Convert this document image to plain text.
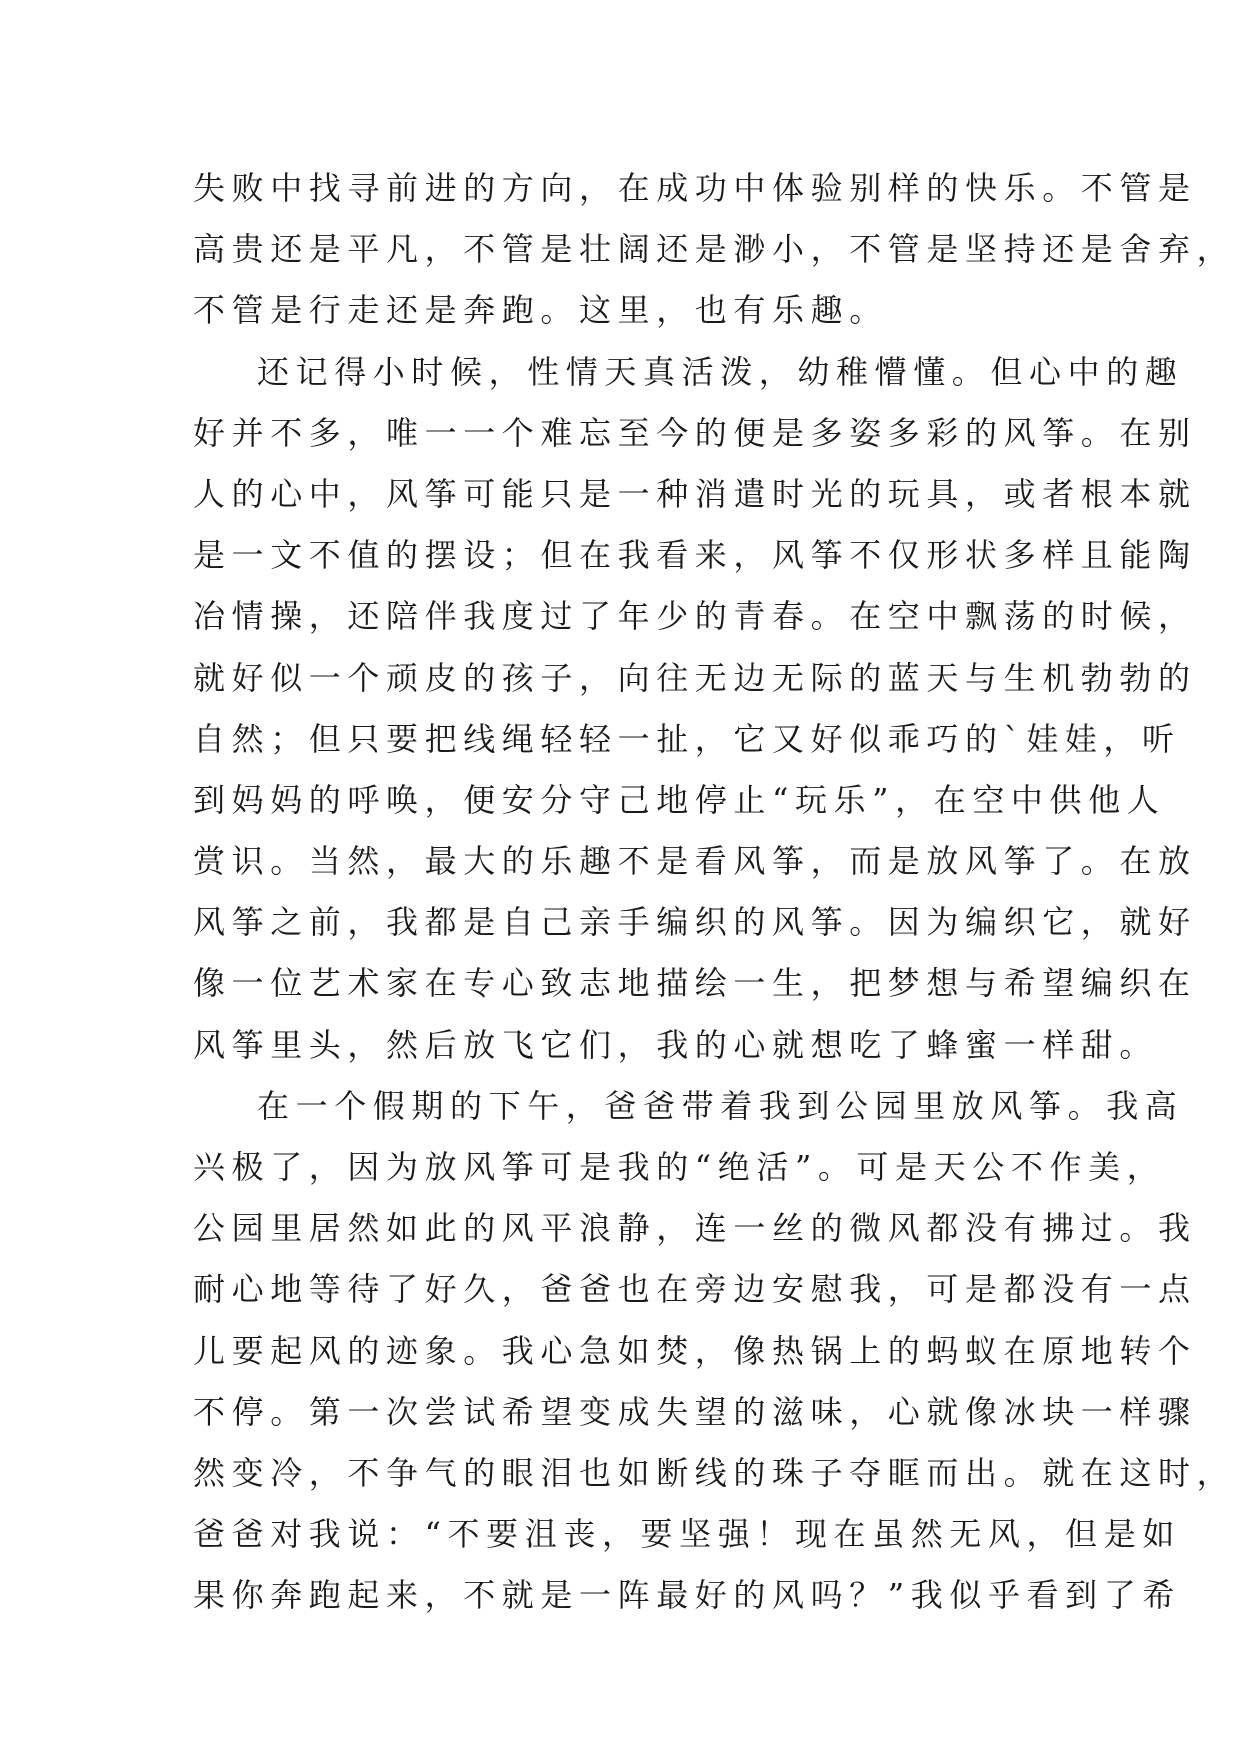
失败中找寻前进的方向，在成功中体验别样的快乐。不管是
高贵还是平凡，不管是壮阔还是渺小，不管是坚持还是舍弃，
不管是行走还是奔跑。这里，也有乐趣。
还记得小时候，性情天真活泼，幼稚懵懂。但心中的趣
好并不多，唯一一个难忘至今的便是多姿多彩的风筝。在别
人的心中，风筝可能只是一种消遣时光的玩具，或者根本就
是一文不值的摆设；但在我看来，风筝不仅形状多样且能陶
冶情操，还陪伴我度过了年少的青春。在空中飘荡的时候，
就好似一个顽皮的孩子，向往无边无际的蓝天与生机勃勃的
自然；但只要把线绳轻轻一扯，它又好似乖巧的`娃娃，听
到妈妈的呼唤，便安分守己地停止“玩乐”，在空中供他人
赏识。当然，最大的乐趣不是看风筝，而是放风筝了。在放
风筝之前，我都是自己亲手编织的风筝。因为编织它，就好
像一位艺术家在专心致志地描绘一生，把梦想与希望编织在
风筝里头，然后放飞它们，我的心就想吃了蜂蜜一样甜。
在一个假期的下午，爸爸带着我到公园里放风筝。我高
兴极了，因为放风筝可是我的“绝活”。可是天公不作美，
公园里居然如此的风平浪静，连一丝的微风都没有拂过。我
耐心地等待了好久，爸爸也在旁边安慰我，可是都没有一点
儿要起风的迹象。我心急如焚，像热锅上的蚂蚁在原地转个
不停。第一次尝试希望变成失望的滋味，心就像冰块一样骤
然变冷，不争气的眼泪也如断线的珠子夺眶而出。就在这时，
爸爸对我说：“不要沮丧，要坚强！现在虽然无风，但是如
果你奔跑起来，不就是一阵最好的风吗？”我似乎看到了希
